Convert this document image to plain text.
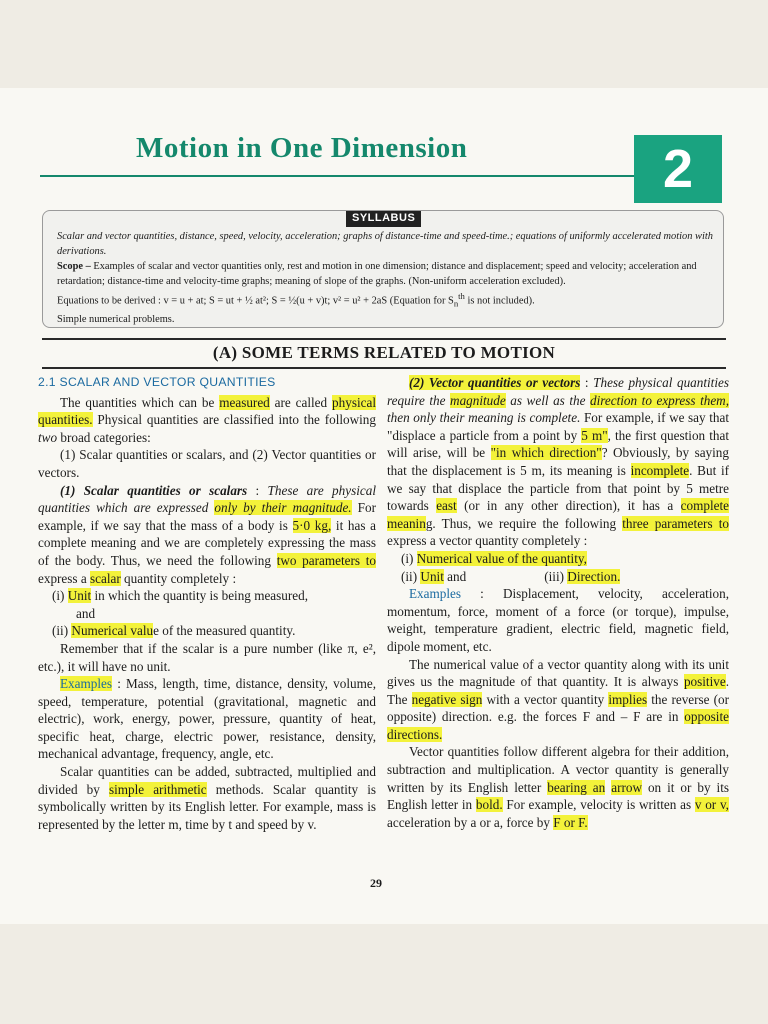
Motion in One Dimension	2
SYLLABUS

Scalar and vector quantities, distance, speed, velocity, acceleration; graphs of distance-time and speed-time.; equations of uniformly accelerated motion with derivations.

Scope – Examples of scalar and vector quantities only, rest and motion in one dimension; distance and displacement; speed and velocity; acceleration and retardation; distance-time and velocity-time graphs; meaning of slope of the graphs. (Non-uniform acceleration excluded).

Equations to be derived : v = u + at; S = ut + ½ at²; S = ½(u + v)t; v² = u² + 2aS (Equation for $S_n^{th}$ is not included).

Simple numerical problems.

(A) SOME TERMS RELATED TO MOTION

2.1 SCALAR AND VECTOR QUANTITIES

The quantities which can be measured are called physical quantities. Physical quantities are classified into the following two broad categories:

(1) Scalar quantities or scalars, and (2) Vector quantities or vectors.

(1) Scalar quantities or scalars : These are physical quantities which are expressed only by their magnitude. For example, if we say that the mass of a body is 5·0 kg, it has a complete meaning and we are completely expressing the mass of the body. Thus, we need the following two parameters to express a scalar quantity completely :

(i) Unit in which the quantity is being measured,

and

(ii) Numerical value of the measured quantity.

Remember that if the scalar is a pure number (like π, e², etc.), it will have no unit.

Examples : Mass, length, time, distance, density, volume, speed, temperature, potential (gravitational, magnetic and electric), work, energy, power, pressure, quantity of heat, specific heat, charge, electric power, resistance, density, mechanical advantage, frequency, angle, etc.

Scalar quantities can be added, subtracted, multiplied and divided by simple arithmetic methods. Scalar quantity is symbolically written by its English letter. For example, mass is represented by the letter m, time by t and speed by v.

(2) Vector quantities or vectors : These physical quantities require the magnitude as well as the direction to express them, then only their meaning is complete. For example, if we say that "displace a particle from a point by 5 m", the first question that will arise, will be "in which direction"? Obviously, by saying that the displacement is 5 m, its meaning is incomplete. But if we say that displace the particle from that point by 5 metre towards east (or in any other direction), it has a complete meaning. Thus, we require the following three parameters to express a vector quantity completely :

(i) Numerical value of the quantity,

(ii) Unit and	(iii) Direction.

Examples : Displacement, velocity, acceleration, momentum, force, moment of a force (or torque), impulse, weight, temperature gradient, electric field, magnetic field, dipole moment, etc.

The numerical value of a vector quantity along with its unit gives us the magnitude of that quantity. It is always positive. The negative sign with a vector quantity implies the reverse (or opposite) direction. e.g. the forces F and – F are in opposite directions.

Vector quantities follow different algebra for their addition, subtraction and multiplication. A vector quantity is generally written by its English letter bearing an arrow on it or by its English letter in bold. For example, velocity is written as v or v, acceleration by a or a, force by F or F.

29
